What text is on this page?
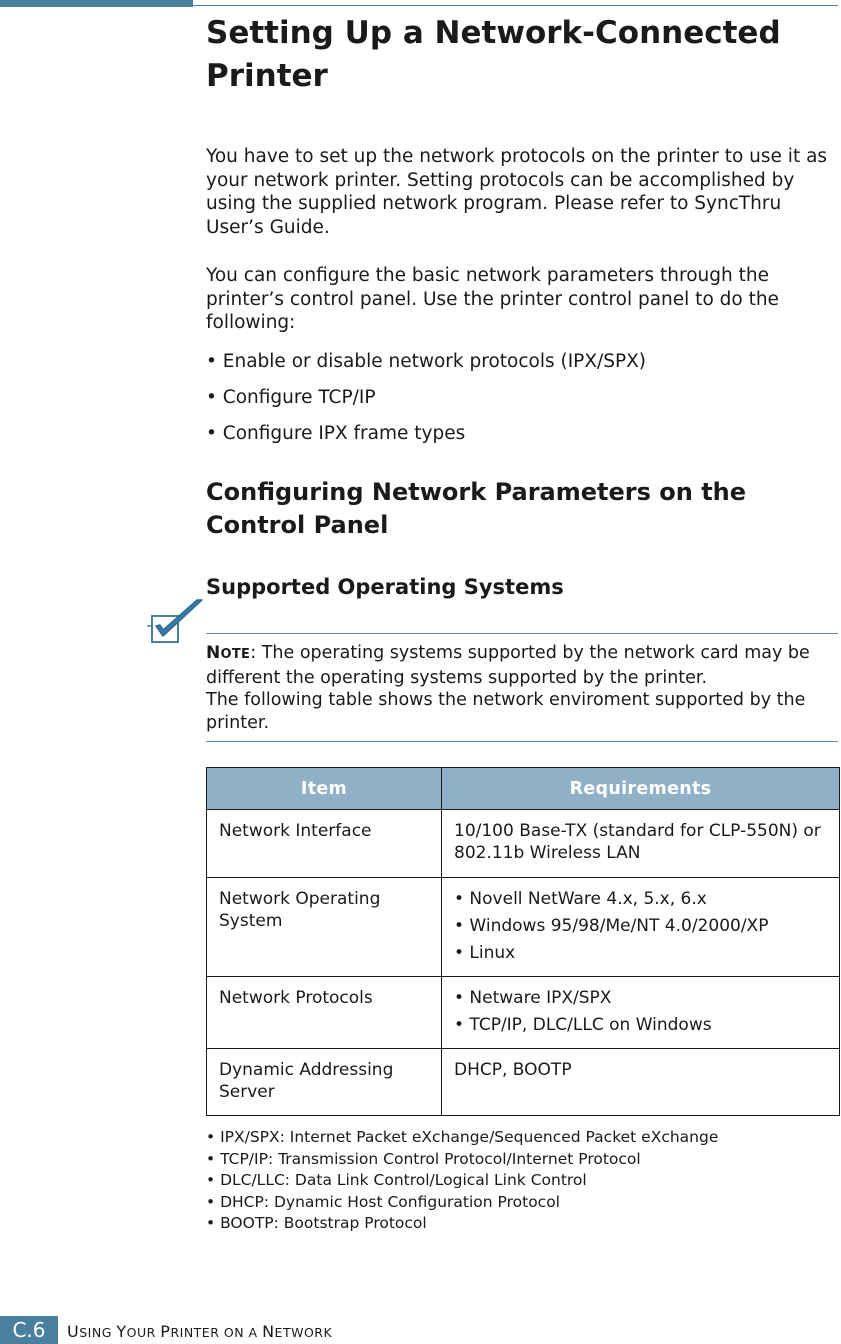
Setting Up a Network-Connected Printer

You have to set up the network protocols on the printer to use it as your network printer. Setting protocols can be accomplished by using the supplied network program. Please refer to SyncThru User’s Guide.

You can configure the basic network parameters through the printer’s control panel. Use the printer control panel to do the following:

• Enable or disable network protocols (IPX/SPX)

• Configure TCP/IP

• Configure IPX frame types

Configuring Network Parameters on the Control Panel
Supported Operating Systems
NOTE: The operating systems supported by the network card may be different the operating systems supported by the printer.
The following table shows the network enviroment supported by the printer.
Item	Requirements
Network Interface	10/100 Base-TX (standard for CLP-550N) or 802.11b Wireless LAN

Network Operating System	• Novell NetWare 4.x, 5.x, 6.x
• Windows 95/98/Me/NT 4.0/2000/XP
• Linux

Network Protocols	• Netware IPX/SPX
• TCP/IP, DLC/LLC on Windows

Dynamic Addressing Server	DHCP, BOOTP
• IPX/SPX: Internet Packet eXchange/Sequenced Packet eXchange
• TCP/IP: Transmission Control Protocol/Internet Protocol
• DLC/LLC: Data Link Control/Logical Link Control
• DHCP: Dynamic Host Configuration Protocol
• BOOTP: Bootstrap Protocol
C.6	USING YOUR PRINTER ON A NETWORK
